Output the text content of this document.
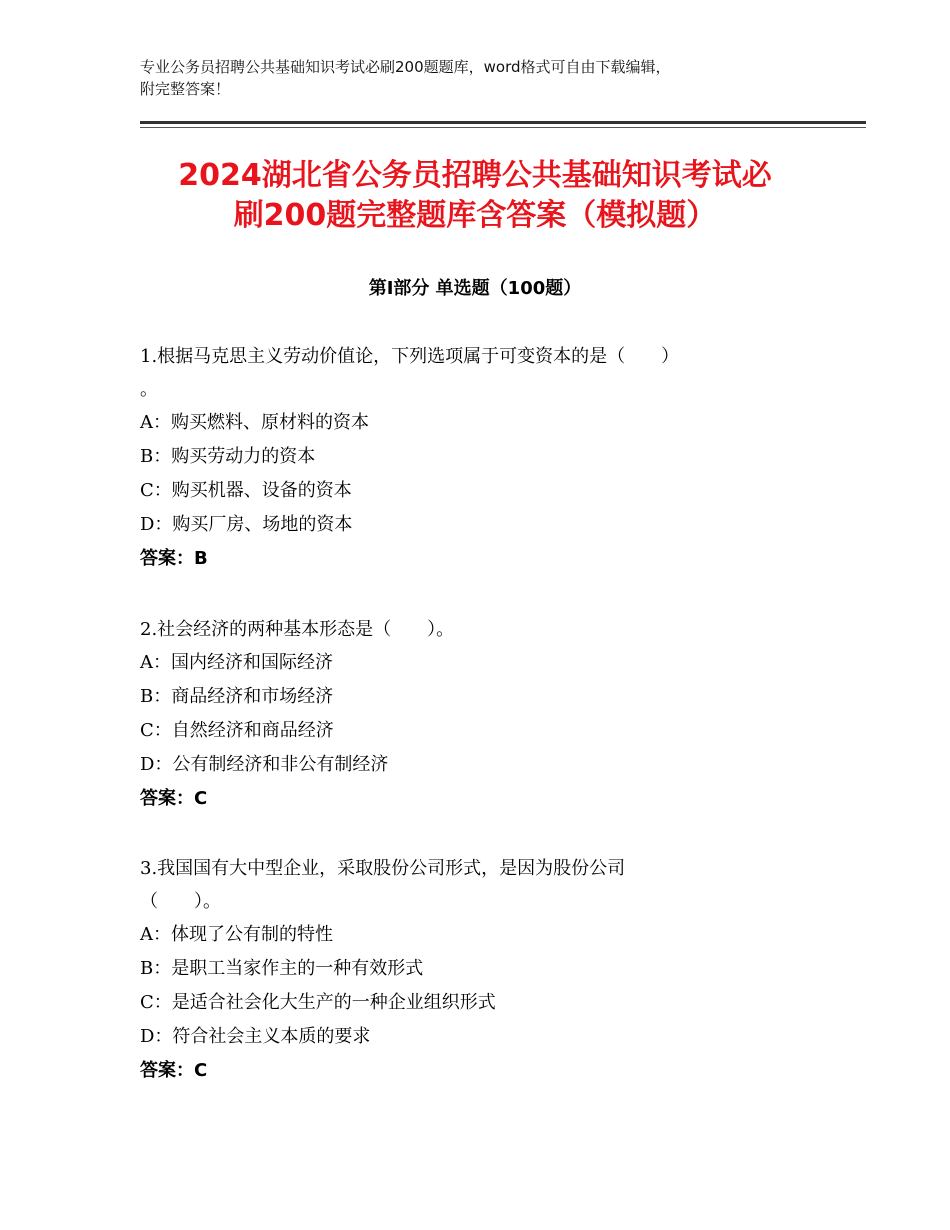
专业公务员招聘公共基础知识考试必刷200题题库，word格式可自由下载编辑，
附完整答案！
2024湖北省公务员招聘公共基础知识考试必
刷200题完整题库含答案（模拟题）
第Ⅰ部分 单选题（100题）

1.根据马克思主义劳动价值论，下列选项属于可变资本的是（　　）

。

A：购买燃料、原材料的资本

B：购买劳动力的资本

C：购买机器、设备的资本

D：购买厂房、场地的资本

答案：B

2.社会经济的两种基本形态是（　　）。

A：国内经济和国际经济

B：商品经济和市场经济

C：自然经济和商品经济

D：公有制经济和非公有制经济

答案：C

3.我国国有大中型企业，采取股份公司形式，是因为股份公司

（　　）。

A：体现了公有制的特性

B：是职工当家作主的一种有效形式

C：是适合社会化大生产的一种企业组织形式

D：符合社会主义本质的要求

答案：C
